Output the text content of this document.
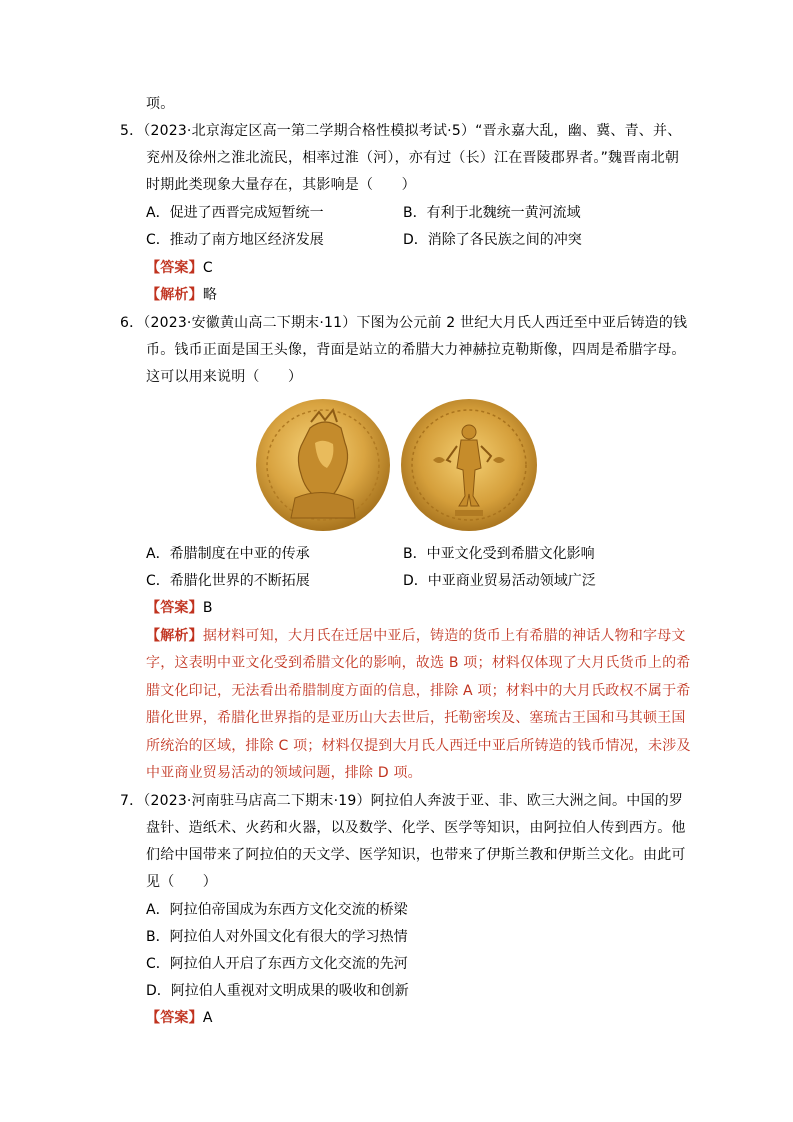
项。
5．（2023·北京海定区高一第二学期合格性模拟考试·5）“晋永嘉大乱，幽、冀、青、并、
兖州及徐州之淮北流民，相率过淮（河），亦有过（长）江在晋陵郡界者。”魏晋南北朝
时期此类现象大量存在，其影响是（　　）
A．促进了西晋完成短暂统一	B．有利于北魏统一黄河流域
C．推动了南方地区经济发展	D．消除了各民族之间的冲突
【答案】C
【解析】略
6．（2023·安徽黄山高二下期末·11）下图为公元前 2 世纪大月氏人西迁至中亚后铸造的钱
币。钱币正面是国王头像，背面是站立的希腊大力神赫拉克勒斯像，四周是希腊字母。
这可以用来说明（　　）
A．希腊制度在中亚的传承	B．中亚文化受到希腊文化影响
C．希腊化世界的不断拓展	D．中亚商业贸易活动领域广泛
【答案】B
【解析】据材料可知，大月氏在迁居中亚后，铸造的货币上有希腊的神话人物和字母文
字，这表明中亚文化受到希腊文化的影响，故选 B 项；材料仅体现了大月氏货币上的希
腊文化印记，无法看出希腊制度方面的信息，排除 A 项；材料中的大月氏政权不属于希
腊化世界，希腊化世界指的是亚历山大去世后，托勒密埃及、塞琉古王国和马其顿王国
所统治的区域，排除 C 项；材料仅提到大月氏人西迁中亚后所铸造的钱币情况，未涉及
中亚商业贸易活动的领域问题，排除 D 项。
7．（2023·河南驻马店高二下期末·19）阿拉伯人奔波于亚、非、欧三大洲之间。中国的罗
盘针、造纸术、火药和火器，以及数学、化学、医学等知识，由阿拉伯人传到西方。他
们给中国带来了阿拉伯的天文学、医学知识，也带来了伊斯兰教和伊斯兰文化。由此可
见（　　）
A．阿拉伯帝国成为东西方文化交流的桥梁
B．阿拉伯人对外国文化有很大的学习热情
C．阿拉伯人开启了东西方文化交流的先河
D．阿拉伯人重视对文明成果的吸收和创新
【答案】A
